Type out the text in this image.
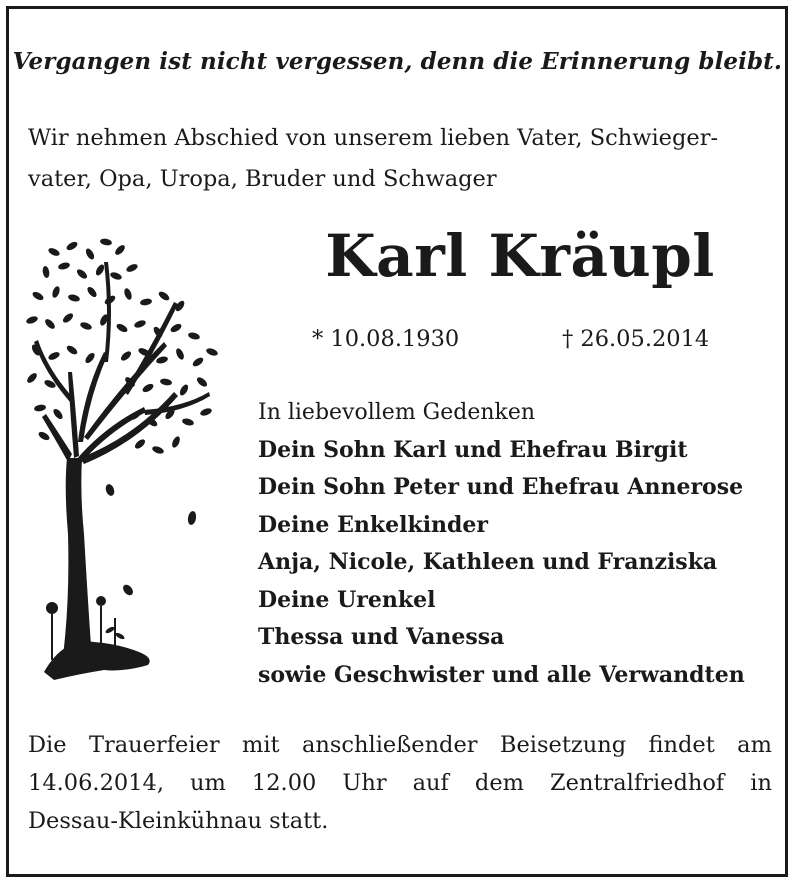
Vergangen ist nicht vergessen, denn die Erinnerung bleibt.
Wir nehmen Abschied von unserem lieben Vater, Schwieger-
vater, Opa, Uropa, Bruder und Schwager
Karl Kräupl
* 10.08.1930	† 26.05.2014
In liebevollem Gedenken
Dein Sohn Karl und Ehefrau Birgit
Dein Sohn Peter und Ehefrau Annerose
Deine Enkelkinder
Anja, Nicole, Kathleen und Franziska
Deine Urenkel
Thessa und Vanessa
sowie Geschwister und alle Verwandten
Die Trauerfeier mit anschließender Beisetzung findet am
14.06.2014, um 12.00 Uhr auf dem Zentralfriedhof in
Dessau-Kleinkühnau statt.
